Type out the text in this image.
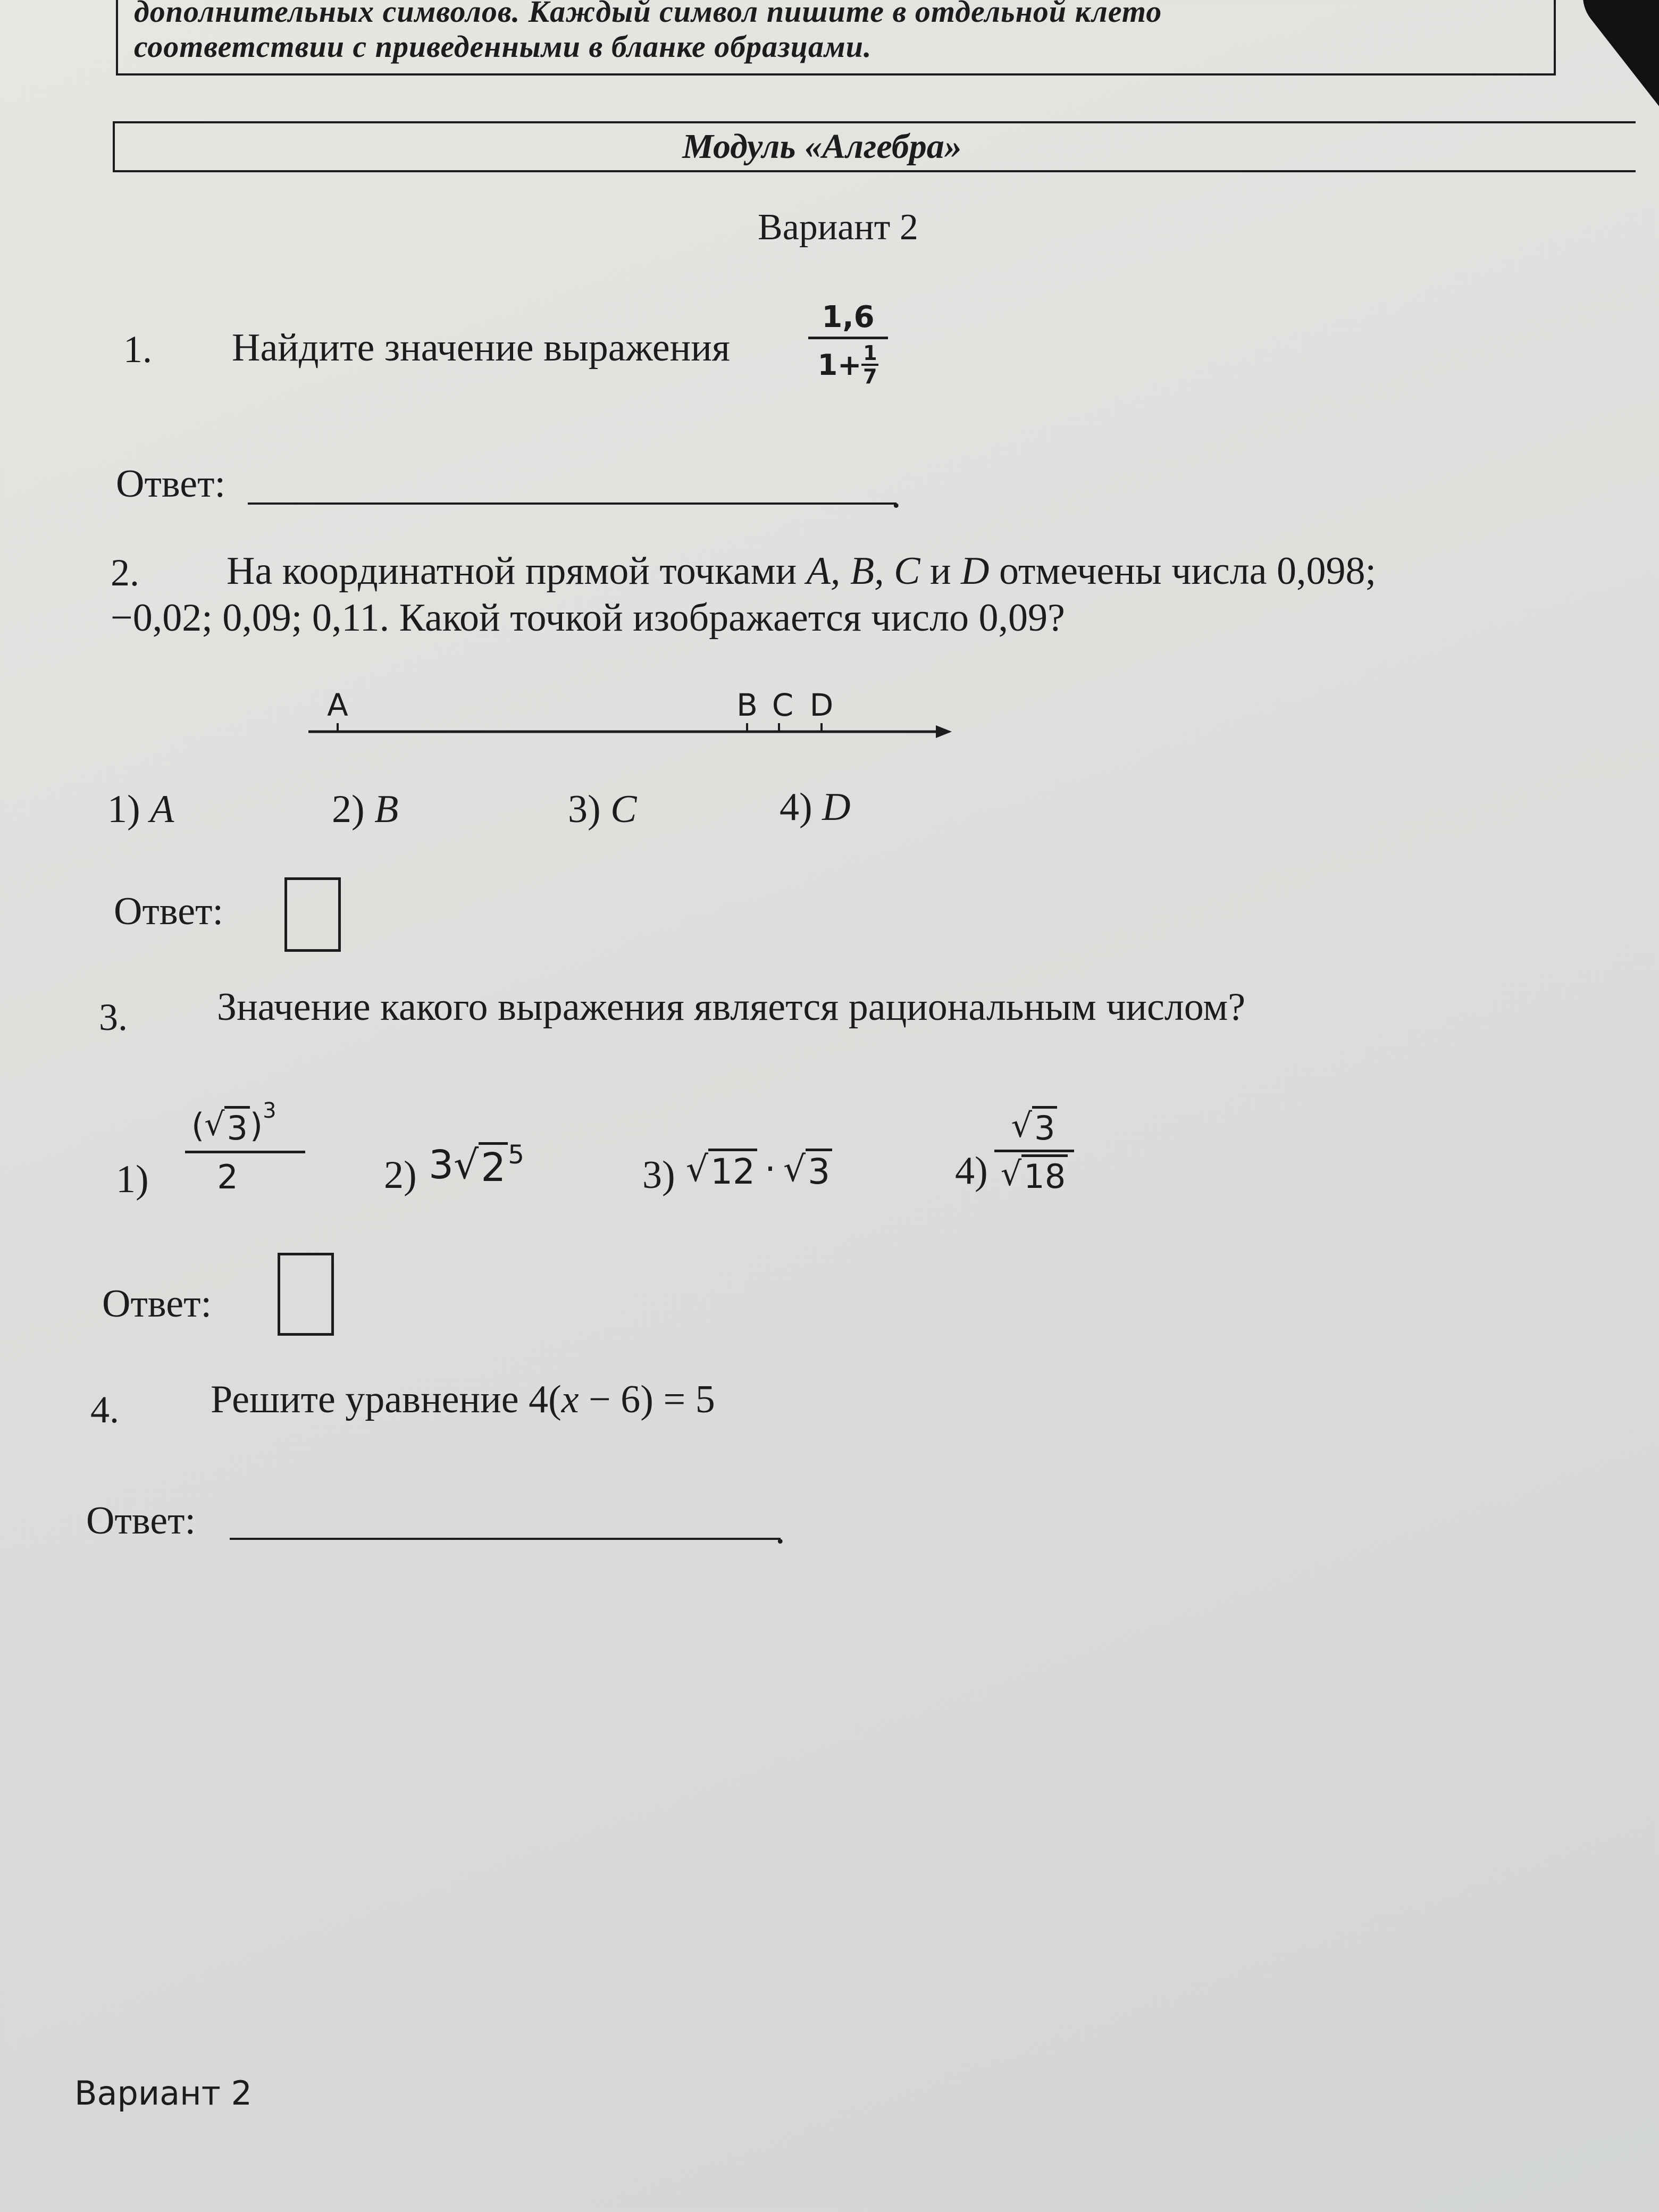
дополнительных символов. Каждый символ пишите в отдельной клето
соответствии с приведенными в бланке образцами.
Модуль «Алгебра»
Вариант 2
1. Найдите значение выражения
1,6
$1+ \frac{1}{7}$
Ответ:	.
2. На координатной прямой точками A, B, C и D отмечены числа 0,098;
−0,02; 0,09; 0,11. Какой точкой изображается число 0,09?
A	B C D
1) A	2) B	3) C	4) D
Ответ:
3. Значение какого выражения является рациональным числом?
1)
( √ 3 ) 3
2	2) 3 √ 2 5	3) √ 12 · √ 3	4)
√ 3
√ 18
Ответ:
4. Решите уравнение 4(x − 6) = 5
Ответ:	.
Вариант 2
